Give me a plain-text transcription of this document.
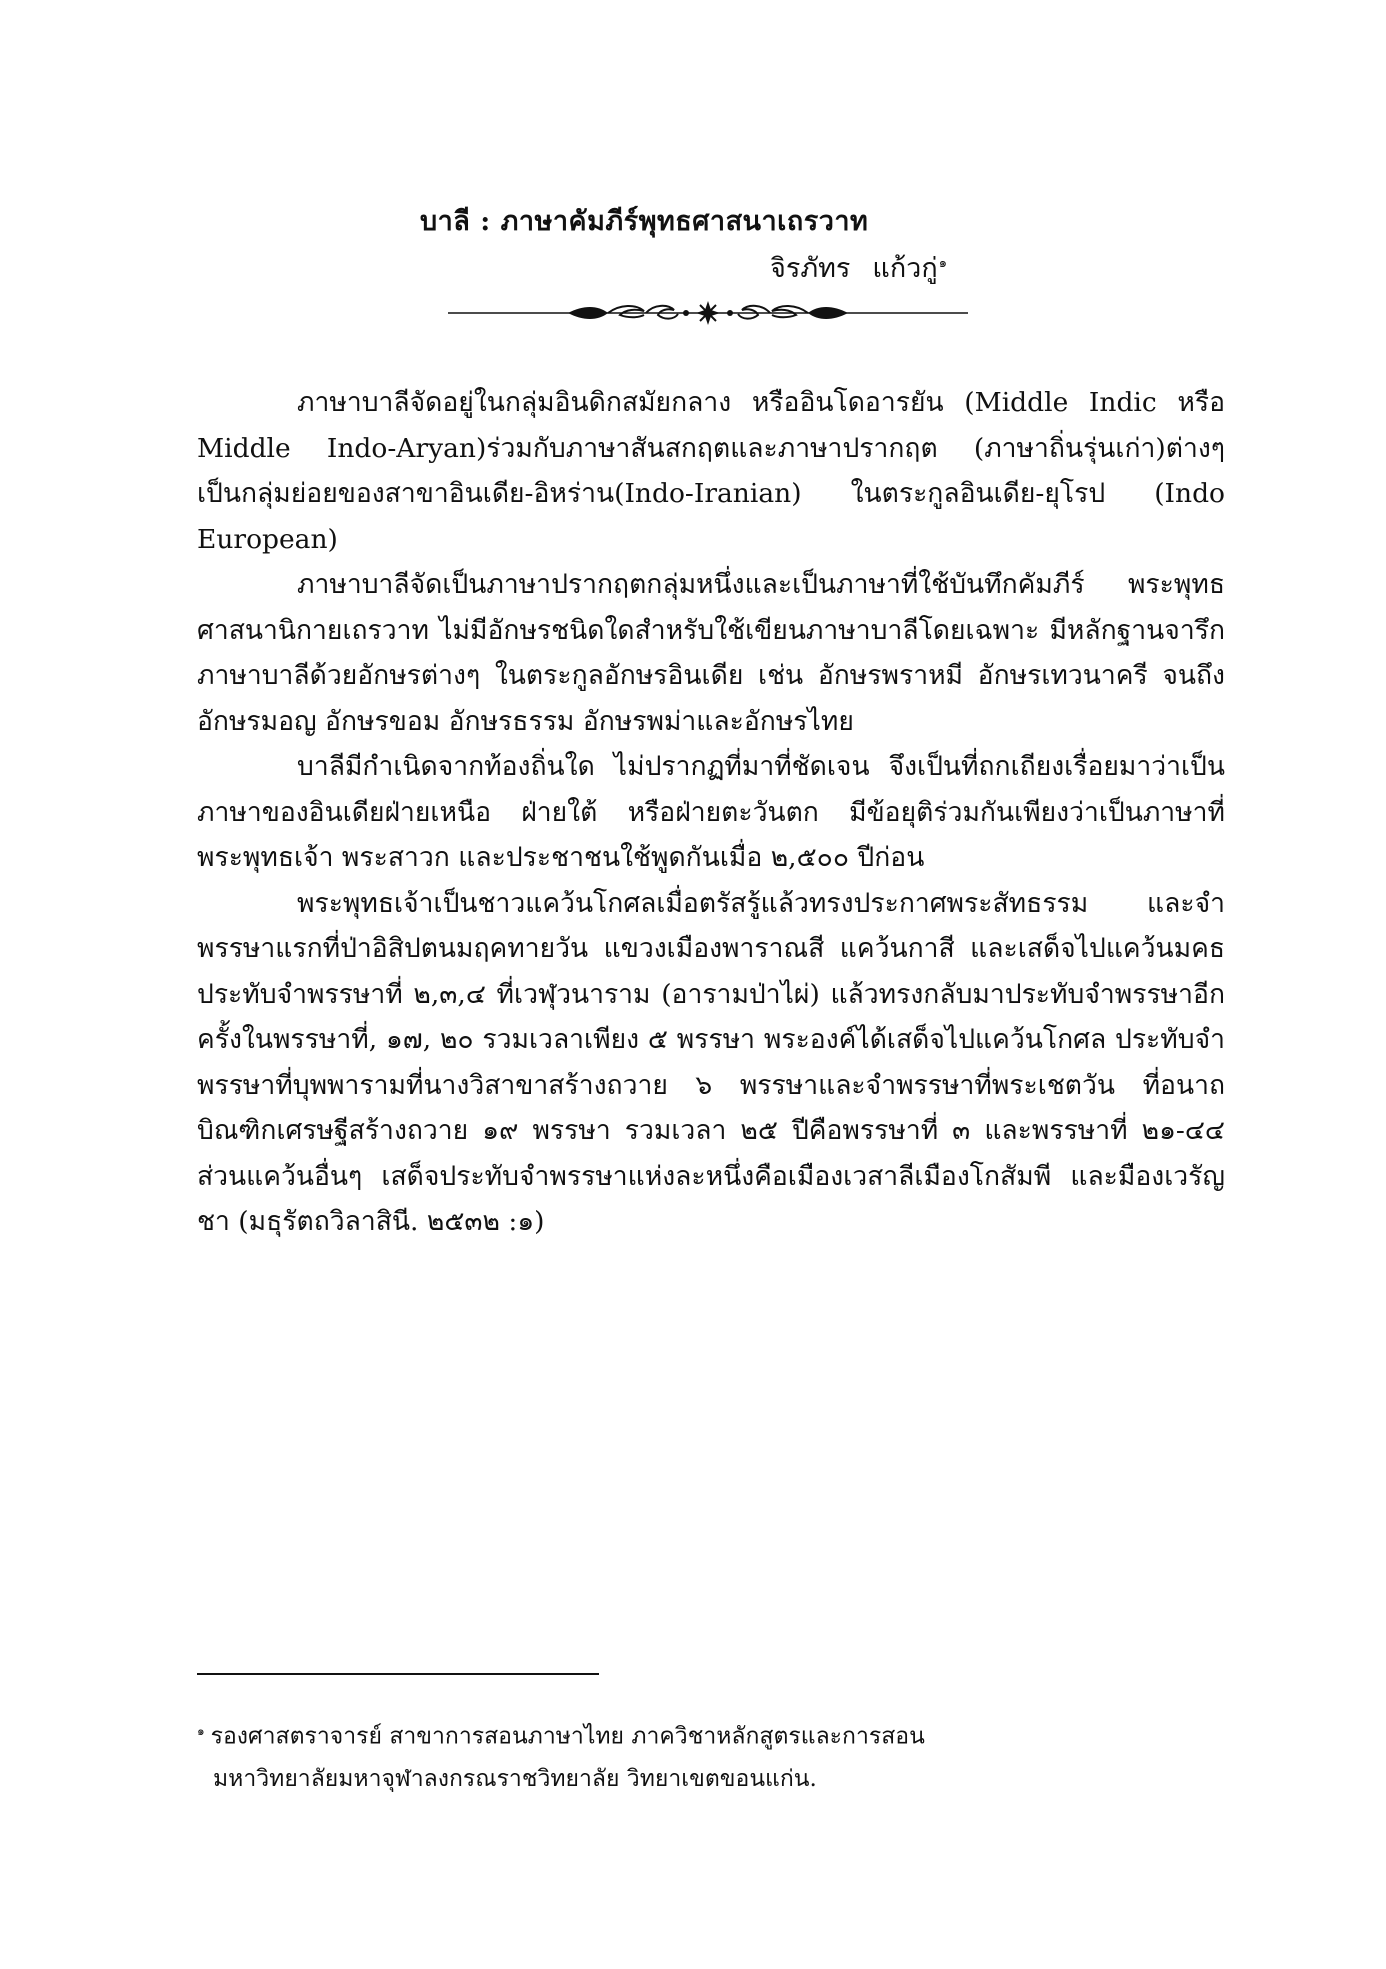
บาลี : ภาษาคัมภีร์พุทธศาสนาเถรวาท
จิรภัทร แก้วกู่$^๑$

ภาษาบาลีจัดอยู่ในกลุ่มอินดิกสมัยกลาง หรืออินโดอารยัน (Middle Indic หรือ Middle Indo-Aryan)ร่วมกับภาษาสันสกฤตและภาษาปรากฤต (ภาษาถิ่นรุ่นเก่า)ต่างๆ เป็นกลุ่มย่อยของสาขาอินเดีย-อิหร่าน(Indo-Iranian) ในตระกูลอินเดีย-ยุโรป (Indo European)

ภาษาบาลีจัดเป็นภาษาปรากฤตกลุ่มหนึ่งและเป็นภาษาที่ใช้บันทึกคัมภีร์ พระพุทธ ศาสนานิกายเถรวาท ไม่มีอักษรชนิดใดสำหรับใช้เขียนภาษาบาลีโดยเฉพาะ มีหลักฐานจารึกภาษาบาลีด้วยอักษรต่างๆ ในตระกูลอักษรอินเดีย เช่น อักษรพราหมี อักษรเทวนาครี จนถึงอักษรมอญ อักษรขอม อักษรธรรม อักษรพม่าและอักษรไทย

บาลีมีกำเนิดจากท้องถิ่นใด ไม่ปรากฏที่มาที่ชัดเจน จึงเป็นที่ถกเถียงเรื่อยมาว่าเป็นภาษาของอินเดียฝ่ายเหนือ ฝ่ายใต้ หรือฝ่ายตะวันตก มีข้อยุติร่วมกันเพียงว่าเป็นภาษาที่พระพุทธเจ้า พระสาวก และประชาชนใช้พูดกันเมื่อ ๒,๕๐๐ ปีก่อน

พระพุทธเจ้าเป็นชาวแคว้นโกศลเมื่อตรัสรู้แล้วทรงประกาศพระสัทธรรม และจำพรรษาแรกที่ป่าอิสิปตนมฤคทายวัน แขวงเมืองพาราณสี แคว้นกาสี และเสด็จไปแคว้นมคธ ประทับจำพรรษาที่ ๒,๓,๔ ที่เวฬุวนาราม (อารามป่าไผ่) แล้วทรงกลับมาประทับจำพรรษาอีกครั้งในพรรษาที่, ๑๗, ๒๐ รวมเวลาเพียง ๕ พรรษา พระองค์ได้เสด็จไปแคว้นโกศล ประทับจำพรรษาที่บุพพารามที่นางวิสาขาสร้างถวาย ๖ พรรษาและจำพรรษาที่พระเชตวัน ที่อนาถบิณฑิกเศรษฐีสร้างถวาย ๑๙ พรรษา รวมเวลา ๒๕ ปีคือพรรษาที่ ๓ และพรรษาที่ ๒๑-๔๔ ส่วนแคว้นอื่นๆ เสด็จประทับจำพรรษาแห่งละหนึ่งคือเมืองเวสาลีเมืองโกสัมพี และมืองเวรัญชา (มธุรัตถวิลาสินี. ๒๕๓๒ :๑)

$^๑$ รองศาสตราจารย์ สาขาการสอนภาษาไทย ภาควิชาหลักสูตรและการสอน
มหาวิทยาลัยมหาจุฬาลงกรณราชวิทยาลัย วิทยาเขตขอนแก่น.
